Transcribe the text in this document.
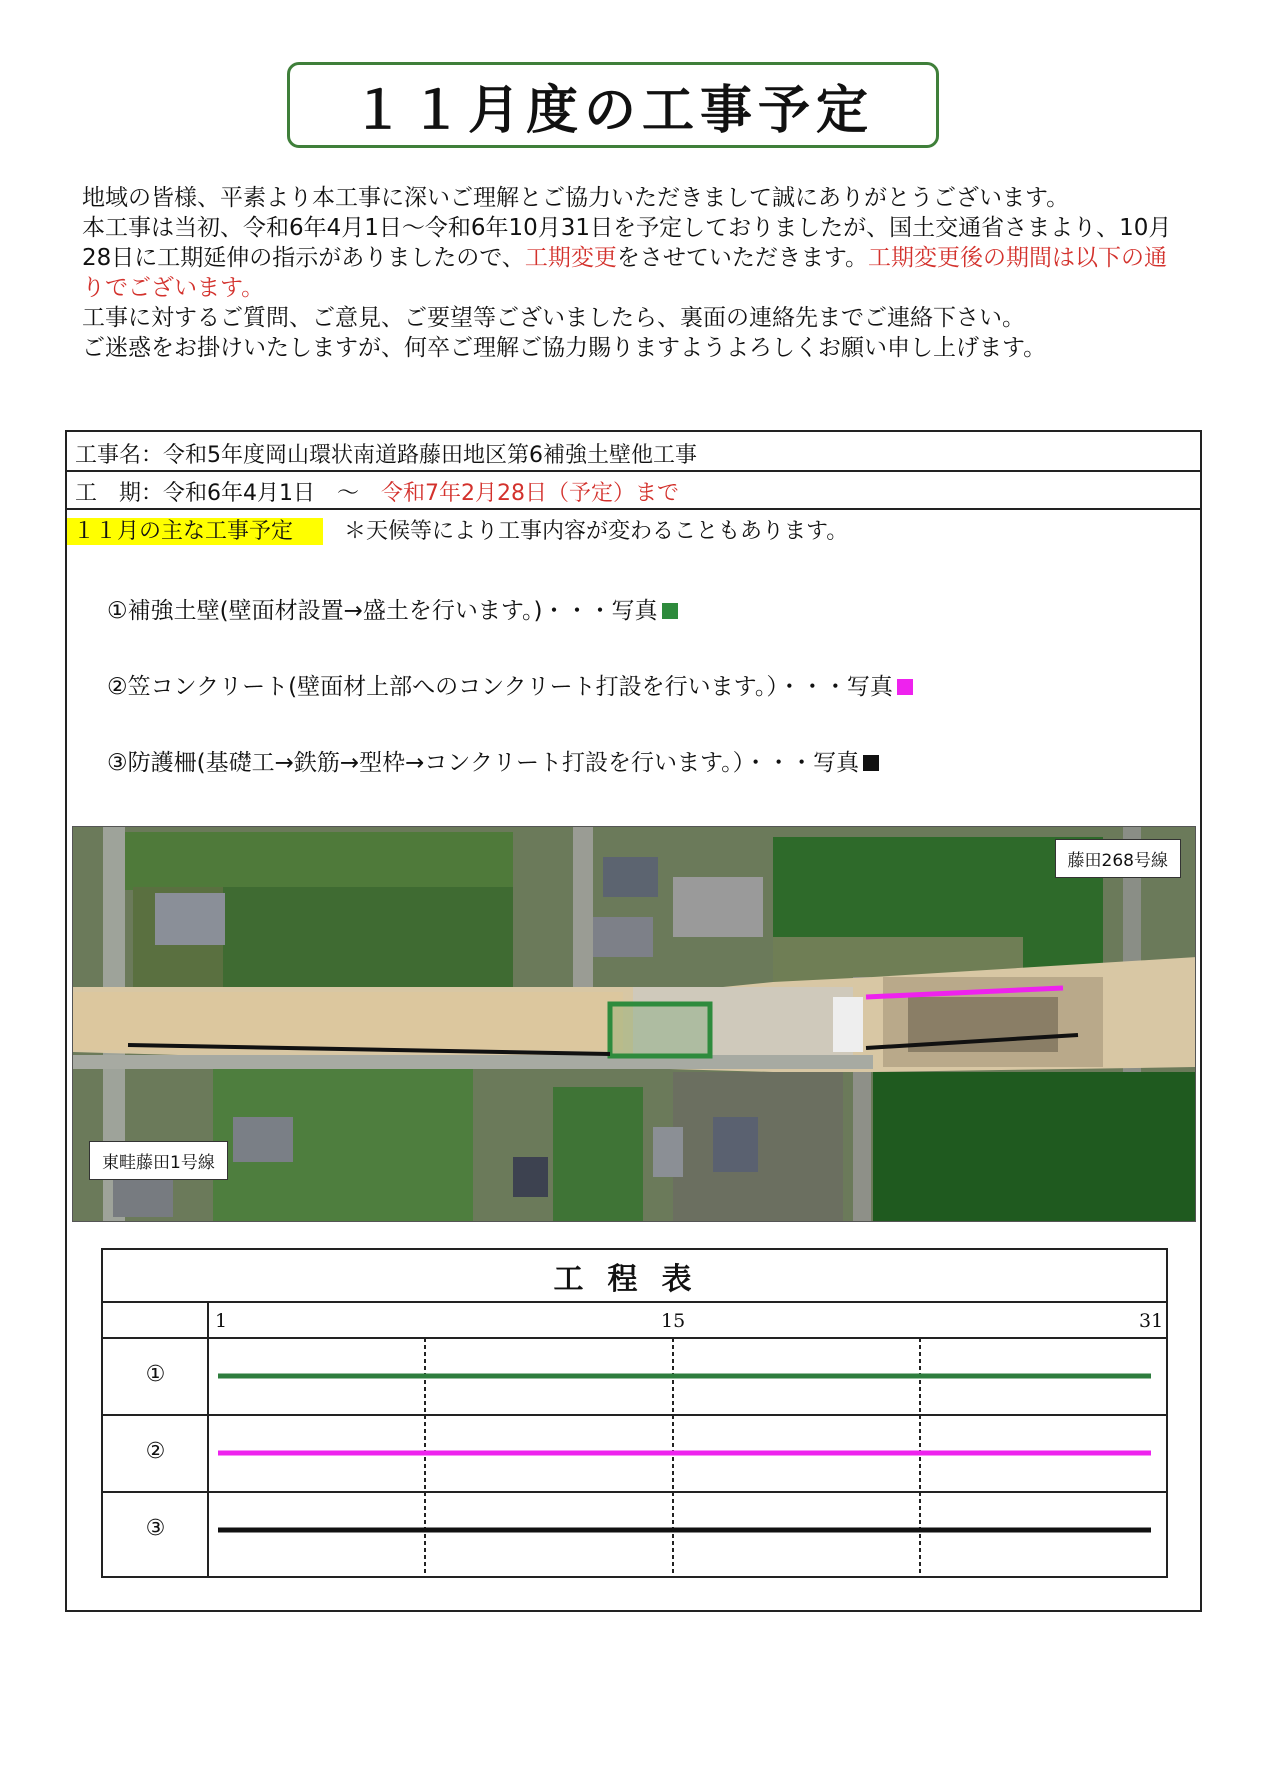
１１月度の工事予定
地域の皆様、平素より本工事に深いご理解とご協力いただきまして誠にありがとうございます。
本工事は当初、令和6年4月1日～令和6年10月31日を予定しておりましたが、国土交通省さまより、10月28日に工期延伸の指示がありましたので、工期変更をさせていただきます。工期変更後の期間は以下の通りでございます。
工事に対するご質問、ご意見、ご要望等ございましたら、裏面の連絡先までご連絡下さい。
ご迷惑をお掛けいたしますが、何卒ご理解ご協力賜りますようよろしくお願い申し上げます。
工事名：令和5年度岡山環状南道路藤田地区第6補強土壁他工事
工　期：令和6年4月1日　～　令和7年2月28日（予定）まで
１１月の主な工事予定 ＊天候等により工事内容が変わることもあります。
①補強土壁(壁面材設置→盛土を行います。)・・・写真
②笠コンクリート(壁面材上部へのコンクリート打設を行います。）・・・写真
③防護柵(基礎工→鉄筋→型枠→コンクリート打設を行います。）・・・写真
藤田268号線
東畦藤田1号線
工程表
1	15	31
①
②
③
